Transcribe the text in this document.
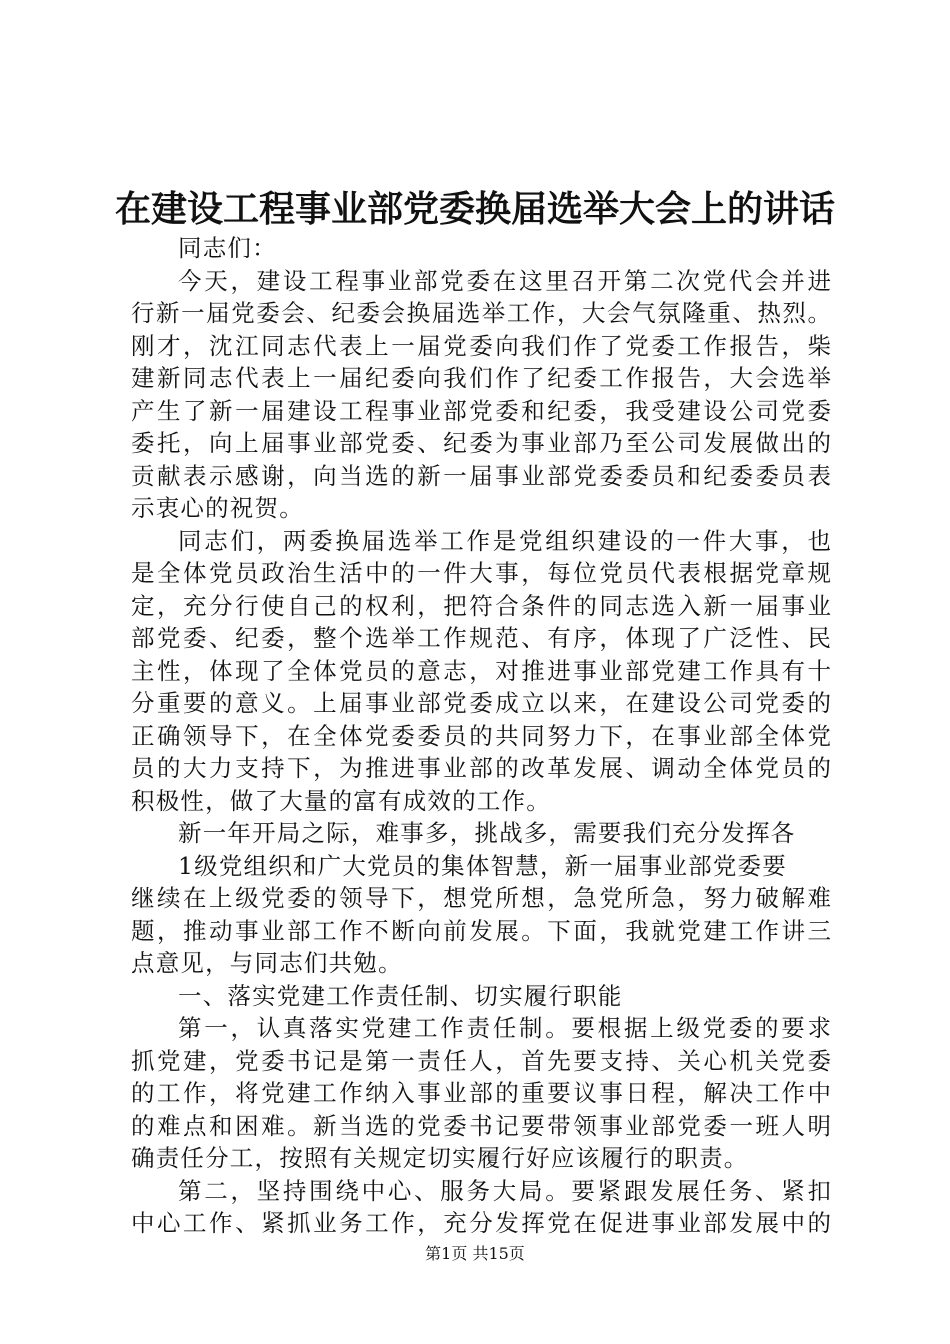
在建设工程事业部党委换届选举大会上的讲话
同志们：
今天，建设工程事业部党委在这里召开第二次党代会并进
行新一届党委会、纪委会换届选举工作，大会气氛隆重、热烈。
刚才，沈江同志代表上一届党委向我们作了党委工作报告，柴
建新同志代表上一届纪委向我们作了纪委工作报告，大会选举
产生了新一届建设工程事业部党委和纪委，我受建设公司党委
委托，向上届事业部党委、纪委为事业部乃至公司发展做出的
贡献表示感谢，向当选的新一届事业部党委委员和纪委委员表
示衷心的祝贺。
同志们，两委换届选举工作是党组织建设的一件大事，也
是全体党员政治生活中的一件大事，每位党员代表根据党章规
定，充分行使自己的权利，把符合条件的同志选入新一届事业
部党委、纪委，整个选举工作规范、有序，体现了广泛性、民
主性，体现了全体党员的意志，对推进事业部党建工作具有十
分重要的意义。上届事业部党委成立以来，在建设公司党委的
正确领导下，在全体党委委员的共同努力下，在事业部全体党
员的大力支持下，为推进事业部的改革发展、调动全体党员的
积极性，做了大量的富有成效的工作。
新一年开局之际，难事多，挑战多，需要我们充分发挥各
1级党组织和广大党员的集体智慧，新一届事业部党委要
继续在上级党委的领导下，想党所想，急党所急，努力破解难
题，推动事业部工作不断向前发展。下面，我就党建工作讲三
点意见，与同志们共勉。
一、落实党建工作责任制、切实履行职能
第一，认真落实党建工作责任制。要根据上级党委的要求
抓党建，党委书记是第一责任人，首先要支持、关心机关党委
的工作，将党建工作纳入事业部的重要议事日程，解决工作中
的难点和困难。新当选的党委书记要带领事业部党委一班人明
确责任分工，按照有关规定切实履行好应该履行的职责。
第二，坚持围绕中心、服务大局。要紧跟发展任务、紧扣
中心工作、紧抓业务工作，充分发挥党在促进事业部发展中的
第1页 共15页
